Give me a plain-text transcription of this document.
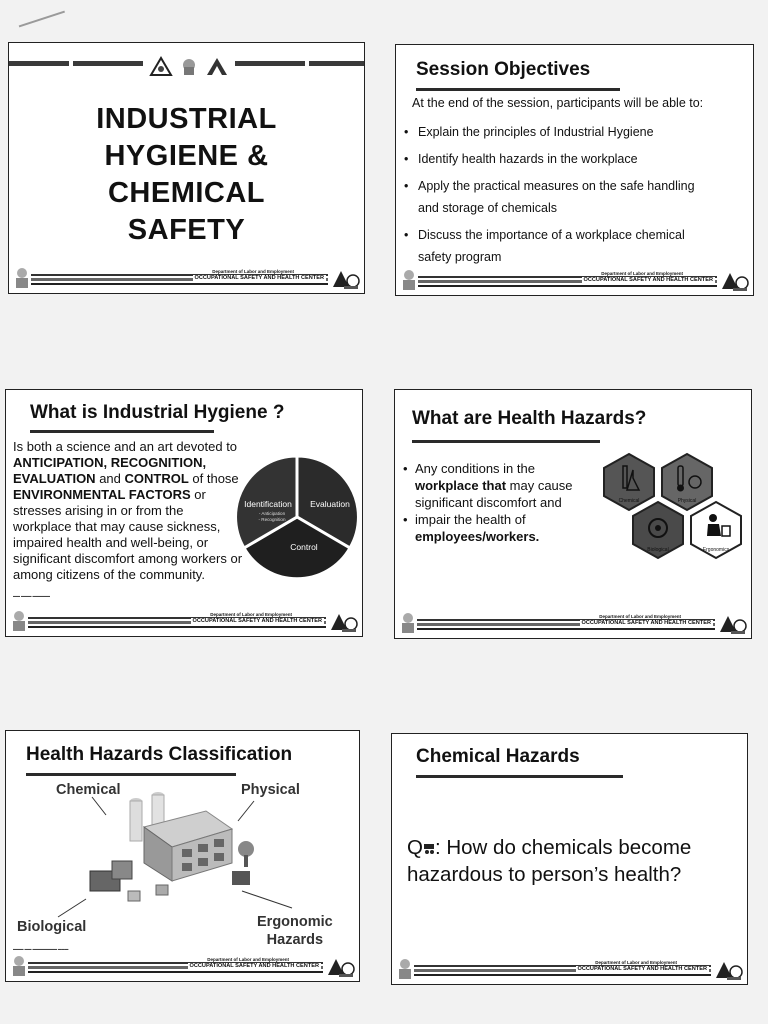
INDUSTRIAL
HYGIENE &
CHEMICAL
SAFETY
Department of Labor and Employment
OCCUPATIONAL SAFETY AND HEALTH CENTER
Session Objectives
At the end of the session, participants will be able to:
• Explain the principles of Industrial Hygiene
• Identify health hazards in the workplace
• Apply the practical measures on the safe handling
and storage of chemicals
• Discuss the importance of a workplace chemical
safety program
Department of Labor and Employment
OCCUPATIONAL SAFETY AND HEALTH CENTER
What is Industrial Hygiene ?
Is both a science and an art devoted to ANTICIPATION, RECOGNITION, EVALUATION and CONTROL of those ENVIRONMENTAL FACTORS or stresses arising in or from the workplace that may cause sickness, impaired health and well-being, or significant discomfort among workers or among citizens of the community.
Identification
- Anticipation
- Recognition
Evaluation
Control
▬▬ ▬▬▬ ▬▬▬▬▬
Department of Labor and Employment
OCCUPATIONAL SAFETY AND HEALTH CENTER
What are Health Hazards?
• Any conditions in the
workplace that may cause
significant discomfort and
• impair the health of
employees/workers.
Chemical	Physical
Biological	Ergonomics
Department of Labor and Employment
OCCUPATIONAL SAFETY AND HEALTH CENTER
Health Hazards Classification
Chemical	Physical
Biological	Ergonomic
Hazards
▬▬▬ ▬▬ ▬▬▬▬▬▬▬ ▬▬▬
Department of Labor and Employment
OCCUPATIONAL SAFETY AND HEALTH CENTER
Chemical Hazards
Q : How do chemicals become
hazardous to person’s health?
Department of Labor and Employment
OCCUPATIONAL SAFETY AND HEALTH CENTER
